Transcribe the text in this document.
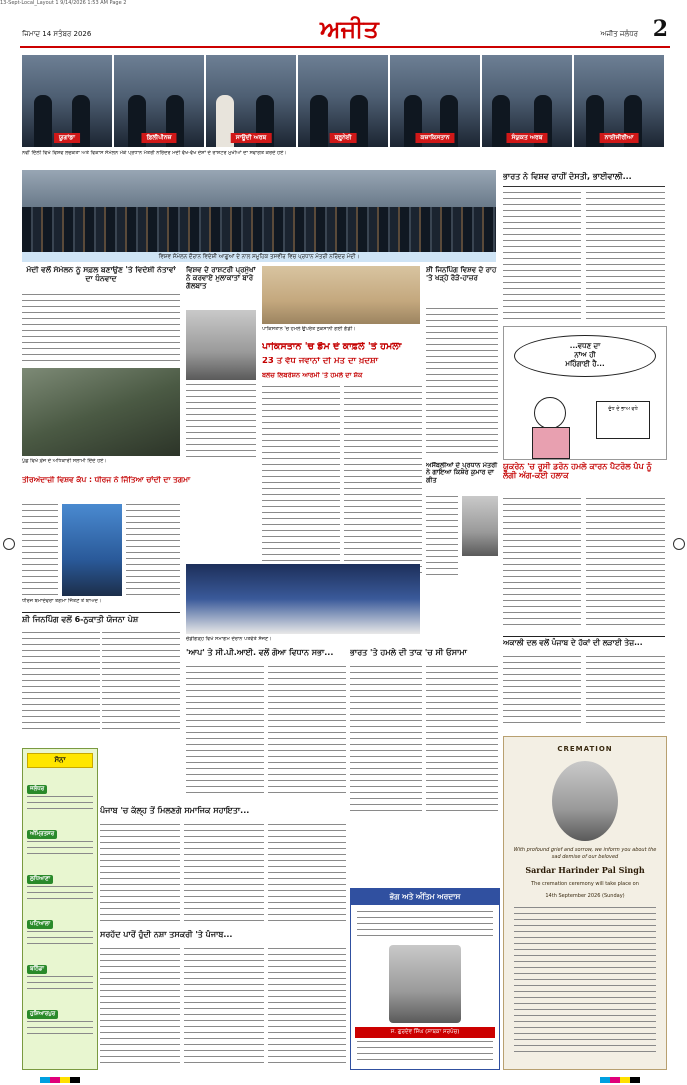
13-Sept-Local_Layout 1 9/14/2026 1:53 AM Page 2
ਜਿਮਾਦ 14 ਸਤੰਬਰ 2026	ਅਜੀਤ	ਅਜੀਤ ਜਲੰਧਰ 2
ਯੂਗਾਂਡਾ	ਫ਼ਿਲੀਪੀਨਜ਼	ਸਾਊਦੀ ਅਰਬ	ਬ੍ਰੂਨੇਈ	ਕਜ਼ਾਕਿਸਤਾਨ	ਸੰਯੁਕਤ ਅਰਬ	ਨਾਈਜੀਰੀਆ
ਨਵੀਂ ਦਿੱਲੀ ਵਿਖੇ ਵਿਸ਼ਵ ਲਚਕਤਾ ਅਤੇ ਵਿਕਾਸ ਸੰਮੇਲਨ ਮੌਕੇ ਪ੍ਰਧਾਨ ਮੰਤਰੀ ਨਰਿੰਦਰ ਮੋਦੀ ਵੱਖ-ਵੱਖ ਦੇਸ਼ਾਂ ਦੇ ਰਾਸ਼ਟਰ ਮੁਖੀਆਂ ਦਾ ਸਵਾਗਤ ਕਰਦੇ ਹੋਏ।
ਵਿਸ਼ਵ ਸੰਮੇਲਨ ਦੌਰਾਨ ਵਿਦੇਸ਼ੀ ਆਗੂਆਂ ਦੇ ਨਾਲ ਸਮੂਹਿਕ ਤਸਵੀਰ ਵਿਚ ਪ੍ਰਧਾਨ ਮੰਤਰੀ ਨਰਿੰਦਰ ਮੋਦੀ।
ਭਾਰਤ ਨੇ ਵਿਸ਼ਵ ਰਾਹੀਂ ਦੋਸਤੀ, ਭਾਈਵਾਲੀ...
ਮੋਦੀ ਵਲੋਂ ਸੰਮੇਲਨ ਨੂੰ ਸਫ਼ਲ ਬਣਾਉਣ 'ਤੇ ਵਿਦੇਸ਼ੀ ਨੇਤਾਵਾਂ ਦਾ ਧੰਨਵਾਦ
ਪੁੰਛ ਵਿਖੇ ਫ਼ੌਜ ਦੇ ਅਧਿਕਾਰੀ ਸਲਾਮੀ ਦਿੰਦੇ ਹੋਏ।
ਵਿਸ਼ਵ ਦੇ ਰਾਸ਼ਟਰੀ ਪ੍ਰਮੁੱਖਾਂ ਨੇ ਕਰਵਾਏ ਮੁਲਾਕਾਤਾਂ ਬਾਰੇ ਗੱਲਬਾਤ
ਪਾਕਿਸਤਾਨ 'ਚ ਹਮਲੇ ਉਪਰੰਤ ਨੁਕਸਾਨੀ ਗਈ ਗੱਡੀ।
ਸ਼ੀ ਜਿਨਪਿੰਗ ਵਿਸ਼ਵ ਦੇ ਰਾਹ 'ਤੇ ਖੜ੍ਹੇ ਰੋੜੇ-ਹਾਜ਼ਰ
...ਵਧਣ ਦਾ
ਨਾਂਅ ਹੀ
ਮਹਿੰਗਾਈ ਹੈ...
ਦੁੱਧ ਦੇ ਭਾਅ ਵਧੇ
ਪਾਕਿਸਤਾਨ 'ਚ ਡੈਮ ਦੇ ਕਾਫ਼ਲੇ 'ਤੇ ਹਮਲਾ
23 ਤੋਂ ਵੱਧ ਜਵਾਨਾਂ ਦੀ ਮੌਤ ਦਾ ਖ਼ਦਸ਼ਾ
ਬਲੋਚ ਲਿਬਰੇਸ਼ਨ ਆਰਮੀ 'ਤੇ ਹਮਲੇ ਦਾ ਸ਼ੱਕ
ਅਸੈਂਬਲੀਆਂ ਦੇ ਪ੍ਰਧਾਨ ਮੰਤਰੀ ਨੇ ਗਾਇਆ ਕਿਸ਼ੋਰ ਕੁਮਾਰ ਦਾ ਗੀਤ
ਯੂਕਰੇਨ 'ਚ ਰੂਸੀ ਡਰੋਨ ਹਮਲੇ ਕਾਰਨ ਪੈਟਰੋਲ ਪੰਪ ਨੂੰ ਲੱਗੀ ਅੱਗ-ਕਈ ਹਲਾਕ
ਤੀਰਅੰਦਾਜ਼ੀ ਵਿਸ਼ਵ ਕੱਪ : ਧੀਰਜ ਨੇ ਜਿੱਤਿਆ ਚਾਂਦੀ ਦਾ ਤਗਮਾ
ਧੀਰਜ ਬੋਮਾਦੇਵਰਾ ਤਗਮਾ ਜਿੱਤਣ ਤੋਂ ਬਾਅਦ।
ਚੰਡੀਗੜ੍ਹ ਵਿਖੇ ਸਮਾਗਮ ਦੌਰਾਨ ਪਤਵੰਤੇ ਸੱਜਣ।
ਸ਼ੀ ਜਿਨਪਿੰਗ ਵਲੋਂ 6-ਨੁਕਾਤੀ ਯੋਜਨਾ ਪੇਸ਼
'ਆਪ' ਤੇ ਸੀ.ਪੀ.ਆਈ. ਵਲੋਂ ਗੋਆ ਵਿਧਾਨ ਸਭਾ...	ਭਾਰਤ 'ਤੇ ਹਮਲੇ ਦੀ ਤਾਕ 'ਚ ਸੀ ਓਸਾਮਾ
ਅਕਾਲੀ ਦਲ ਵਲੋਂ ਪੰਜਾਬ ਦੇ ਹੱਕਾਂ ਦੀ ਲੜਾਈ ਤੇਜ਼...
ਪੰਜਾਬ 'ਚ ਕੱਲ੍ਹ ਤੋਂ ਮਿਲਣਗੇ ਸਮਾਜਿਕ ਸਹਾਇਤਾ...
ਸੋਨਾ
ਜਲੰਧਰ
ਅੰਮ੍ਰਿਤਸਰ
ਲੁਧਿਆਣਾ
ਪਟਿਆਲਾ
ਬਠਿੰਡਾ
ਹੁਸ਼ਿਆਰਪੁਰ
ਸਰਹੱਦ ਪਾਰੋਂ ਹੁੰਦੀ ਨਸ਼ਾ ਤਸਕਰੀ 'ਤੇ ਪੰਜਾਬ...
ਭੋਗ ਅਤੇ ਅੰਤਿਮ ਅਰਦਾਸ
ਸ. ਗੁਰਦੇਵ ਸਿੰਘ (ਸਾਬਕਾ ਸਰਪੰਚ)
CREMATION
With profound grief and sorrow, we inform you about the sad demise of our beloved
Sardar Harinder Pal Singh
The cremation ceremony will take place on
14th September 2026 (Sunday)
